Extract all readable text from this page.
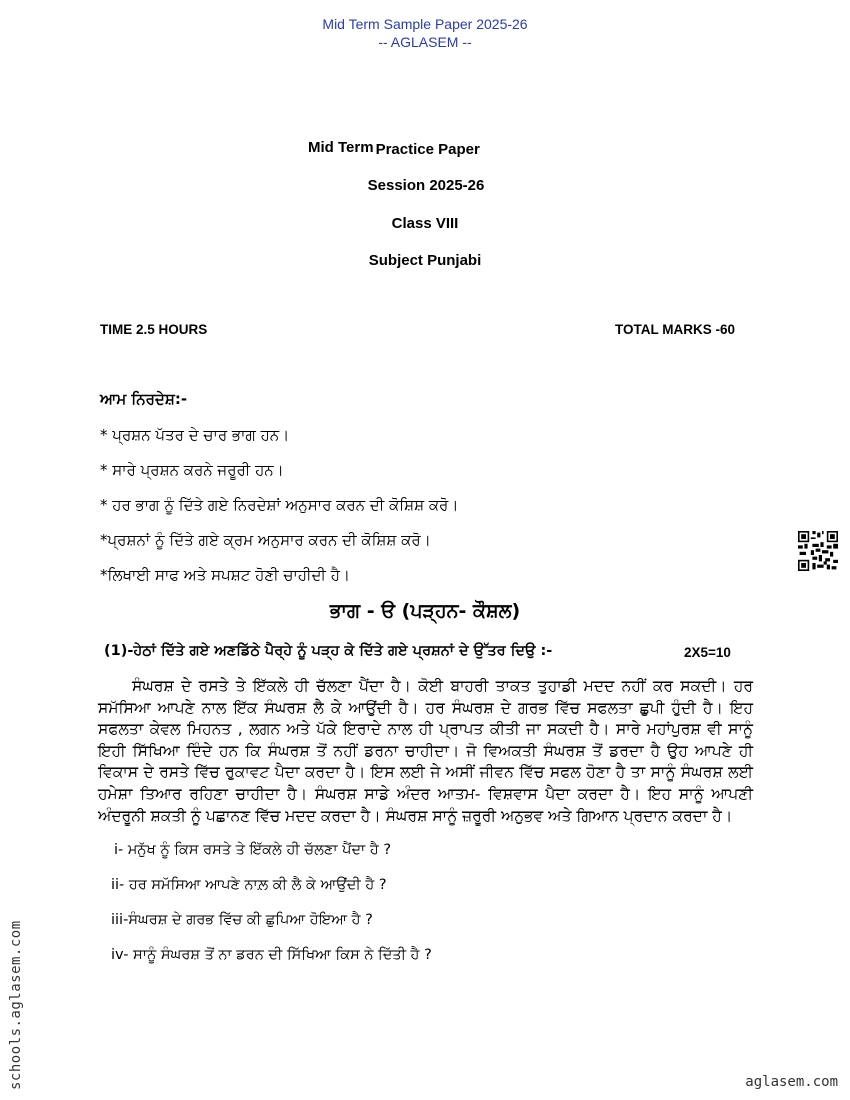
Mid Term Sample Paper 2025-26
-- AGLASEM --
Mid Term Practice Paper
Session 2025-26
Class VIII
Subject Punjabi
TIME 2.5 HOURS	TOTAL MARKS -60
ਆਮ ਨਿਰਦੇਸ਼:-
* ਪ੍ਰਸ਼ਨ ਪੱਤਰ ਦੇ ਚਾਰ ਭਾਗ ਹਨ।
* ਸਾਰੇ ਪ੍ਰਸ਼ਨ ਕਰਨੇ ਜਰੂਰੀ ਹਨ।
* ਹਰ ਭਾਗ ਨੂੰ ਦਿੱਤੇ ਗਏ ਨਿਰਦੇਸ਼ਾਂ ਅਨੁਸਾਰ ਕਰਨ ਦੀ ਕੋਸ਼ਿਸ਼ ਕਰੋ।
*ਪ੍ਰਸ਼ਨਾਂ ਨੂੰ ਦਿੱਤੇ ਗਏ ਕ੍ਰਮ ਅਨੁਸਾਰ ਕਰਨ ਦੀ ਕੋਸ਼ਿਸ਼ ਕਰੋ।
*ਲਿਖਾਈ ਸਾਫ ਅਤੇ ਸਪਸ਼ਟ ਹੋਣੀ ਚਾਹੀਦੀ ਹੈ।
ਭਾਗ - ੳ (ਪੜ੍ਹਨ- ਕੌਸ਼ਲ)
(1)-ਹੇਠਾਂ ਦਿੱਤੇ ਗਏ ਅਣਡਿੱਠੇ ਪੈਰ੍ਹੇ ਨੂੰ ਪੜ੍ਹ ਕੇ ਦਿੱਤੇ ਗਏ ਪ੍ਰਸ਼ਨਾਂ ਦੇ ਉੱਤਰ ਦਿਉ :-	2X5=10
ਸੰਘਰਸ਼ ਦੇ ਰਸਤੇ ਤੇ ਇੱਕਲੇ ਹੀ ਚੱਲਣਾ ਪੈਂਦਾ ਹੈ। ਕੋਈ ਬਾਹਰੀ ਤਾਕਤ ਤੁਹਾਡੀ ਮਦਦ ਨਹੀਂ ਕਰ ਸਕਦੀ। ਹਰ ਸਮੱਸਿਆ ਆਪਣੇ ਨਾਲ ਇੱਕ ਸੰਘਰਸ਼ ਲੈ ਕੇ ਆਉਂਦੀ ਹੈ। ਹਰ ਸੰਘਰਸ਼ ਦੇ ਗਰਭ ਵਿੱਚ ਸਫਲਤਾ ਛੁਪੀ ਹੁੰਦੀ ਹੈ। ਇਹ ਸਫਲਤਾ ਕੇਵਲ ਮਿਹਨਤ , ਲਗਨ ਅਤੇ ਪੱਕੇ ਇਰਾਦੇ ਨਾਲ ਹੀ ਪ੍ਰਾਪਤ ਕੀਤੀ ਜਾ ਸਕਦੀ ਹੈ। ਸਾਰੇ ਮਹਾਂਪੁਰਸ਼ ਵੀ ਸਾਨੂੰ ਇਹੀ ਸਿੱਖਿਆ ਦਿੰਦੇ ਹਨ ਕਿ ਸੰਘਰਸ਼ ਤੋਂ ਨਹੀਂ ਡਰਨਾ ਚਾਹੀਦਾ। ਜੋ ਵਿਅਕਤੀ ਸੰਘਰਸ਼ ਤੋਂ ਡਰਦਾ ਹੈ ਉਹ ਆਪਣੇ ਹੀ ਵਿਕਾਸ ਦੇ ਰਸਤੇ ਵਿੱਚ ਰੁਕਾਵਟ ਪੈਦਾ ਕਰਦਾ ਹੈ। ਇਸ ਲਈ ਜੇ ਅਸੀਂ ਜੀਵਨ ਵਿੱਚ ਸਫਲ ਹੋਣਾ ਹੈ ਤਾ ਸਾਨੂੰ ਸੰਘਰਸ਼ ਲਈ ਹਮੇਸ਼ਾ ਤਿਆਰ ਰਹਿਣਾ ਚਾਹੀਦਾ ਹੈ। ਸੰਘਰਸ਼ ਸਾਡੇ ਅੰਦਰ ਆਤਮ- ਵਿਸ਼ਵਾਸ ਪੈਦਾ ਕਰਦਾ ਹੈ। ਇਹ ਸਾਨੂੰ ਆਪਣੀ ਅੰਦਰੂਨੀ ਸ਼ਕਤੀ ਨੂੰ ਪਛਾਨਣ ਵਿੱਚ ਮਦਦ ਕਰਦਾ ਹੈ। ਸੰਘਰਸ਼ ਸਾਨੂੰ ਜ਼ਰੂਰੀ ਅਨੁਭਵ ਅਤੇ ਗਿਆਨ ਪ੍ਰਦਾਨ ਕਰਦਾ ਹੈ।
i- ਮਨੁੱਖ ਨੂੰ ਕਿਸ ਰਸਤੇ ਤੇ ਇੱਕਲੇ ਹੀ ਚੱਲਣਾ ਪੈਂਦਾ ਹੈ ?
ii- ਹਰ ਸਮੱਸਿਆ ਆਪਣੇ ਨਾਲ਼ ਕੀ ਲੈ ਕੇ ਆਉਂਦੀ ਹੈ ?
iii-ਸੰਘਰਸ਼ ਦੇ ਗਰਭ ਵਿੱਚ ਕੀ ਛੁਪਿਆ ਹੋਇਆ ਹੈ ?
iv- ਸਾਨੂੰ ਸੰਘਰਸ਼ ਤੋਂ ਨਾ ਡਰਨ ਦੀ ਸਿੱਖਿਆ ਕਿਸ ਨੇ ਦਿੱਤੀ ਹੈ ?
schools.aglasem.com	aglasem.com
